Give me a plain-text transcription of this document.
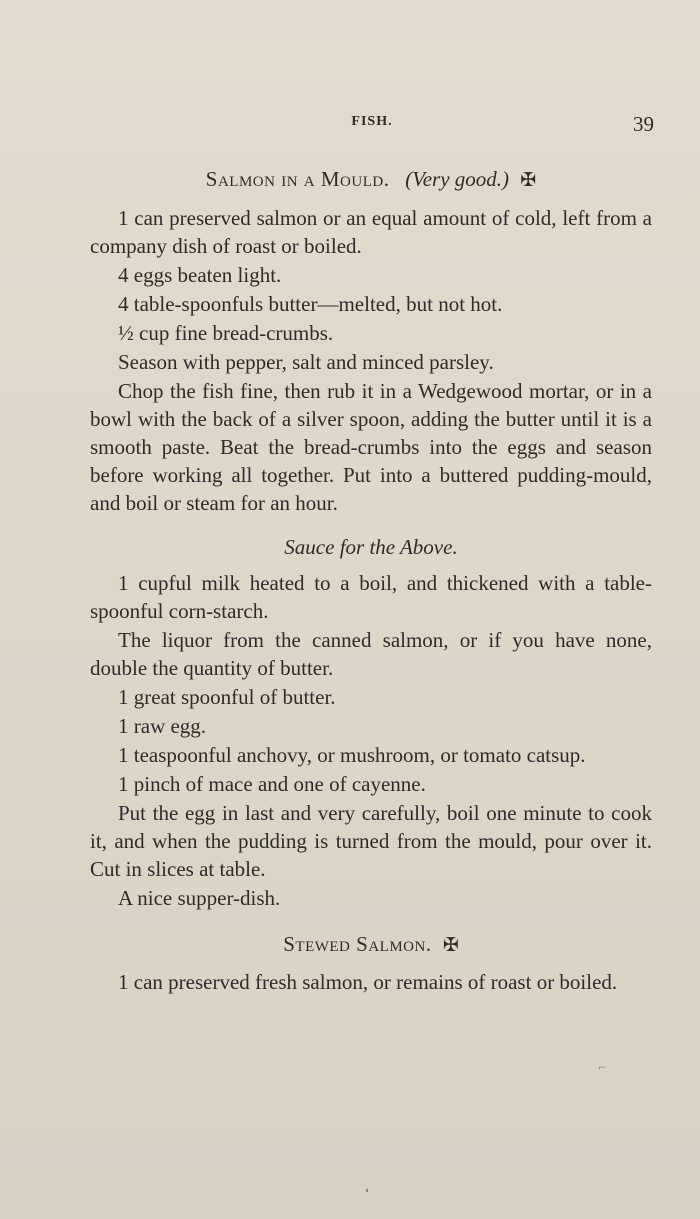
FISH.	39
Salmon in a Mould. (Very good.) ✠

1 can preserved salmon or an equal amount of cold, left from a company dish of roast or boiled.

4 eggs beaten light.

4 table-spoonfuls butter—melted, but not hot.

½ cup fine bread-crumbs.

Season with pepper, salt and minced parsley.

Chop the fish fine, then rub it in a Wedgewood mortar, or in a bowl with the back of a silver spoon, adding the butter until it is a smooth paste. Beat the bread-crumbs into the eggs and season before working all together. Put into a buttered pudding-mould, and boil or steam for an hour.

Sauce for the Above.

1 cupful milk heated to a boil, and thickened with a table-spoonful corn-starch.

The liquor from the canned salmon, or if you have none, double the quantity of butter.

1 great spoonful of butter.

1 raw egg.

1 teaspoonful anchovy, or mushroom, or tomato catsup.

1 pinch of mace and one of cayenne.

Put the egg in last and very carefully, boil one minute to cook it, and when the pudding is turned from the mould, pour over it. Cut in slices at table.

A nice supper-dish.

Stewed Salmon. ✠

1 can preserved fresh salmon, or remains of roast or boiled.

⌐
